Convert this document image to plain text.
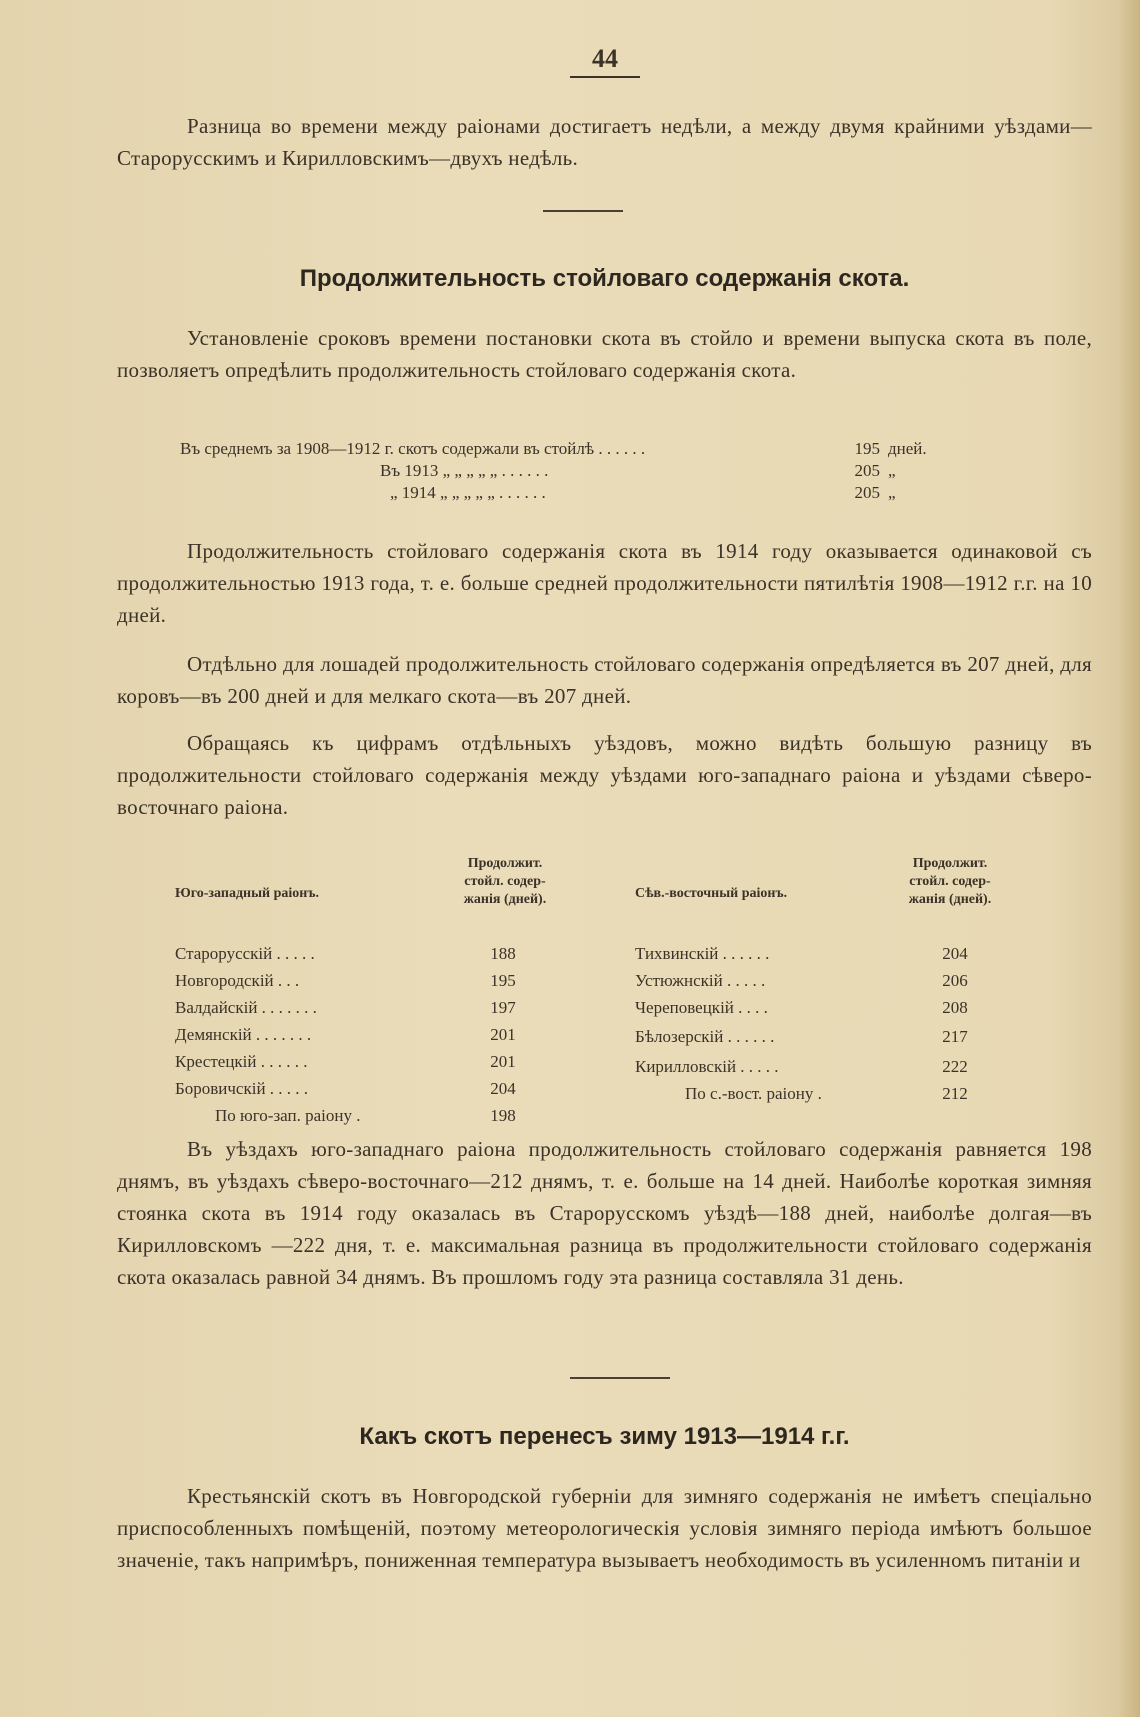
44
Разница во времени между раіонами достигаетъ недѣли, а между двумя крайними уѣздами—Старорусскимъ и Кирилловскимъ—двухъ недѣль.
Продолжительность стойловаго содержанія скота.
Установленіе сроковъ времени постановки скота въ стойло и времени выпуска скота въ поле, позволяетъ опредѣлить продолжительность стойловаго содержанія скота.
Въ среднемъ за 1908—1912 г. скотъ содержали въ стойлѣ . . . . . .	195 дней.
Въ 1913 „ „ „ „ „ . . . . . .	205 „
„ 1914 „ „ „ „ „ . . . . . .	205 „
Продолжительность стойловаго содержанія скота въ 1914 году оказывается одинаковой съ продолжительностью 1913 года, т. е. больше средней продолжительности пятилѣтія 1908—1912 г.г. на 10 дней.
Отдѣльно для лошадей продолжительность стойловаго содержанія опредѣляется въ 207 дней, для коровъ—въ 200 дней и для мелкаго скота—въ 207 дней.
Обращаясь къ цифрамъ отдѣльныхъ уѣздовъ, можно видѣть большую разницу въ продолжительности стойловаго содержанія между уѣздами юго-западнаго раіона и уѣздами сѣверо-восточнаго раіона.
Юго-западный раіонъ.
Продолжит.
стойл. содер-
жанія (дней).
Старорусскій . . . . .	188
Новгородскій . . .	195
Валдайскій . . . . . . .	197
Демянскій . . . . . . .	201
Крестецкій . . . . . .	201
Боровичскій . . . . .	204
По юго-зап. раіону .	198
Сѣв.-восточный раіонъ.
Продолжит.
стойл. содер-
жанія (дней).
Тихвинскій . . . . . .	204
Устюжнскій . . . . .	206
Череповецкій . . . .	208
Бѣлозерскій . . . . . .	217
Кирилловскій . . . . .	222
По с.-вост. раіону .	212
Въ уѣздахъ юго-западнаго раіона продолжительность стойловаго содержанія равняется 198 днямъ, въ уѣздахъ сѣверо-восточнаго—212 днямъ, т. е. больше на 14 дней. Наиболѣе короткая зимняя стоянка скота въ 1914 году оказалась въ Старорусскомъ уѣздѣ—188 дней, наиболѣе долгая—въ Кирилловскомъ —222 дня, т. е. максимальная разница въ продолжительности стойловаго содержанія скота оказалась равной 34 днямъ. Въ прошломъ году эта разница составляла 31 день.
Какъ скотъ перенесъ зиму 1913—1914 г.г.
Крестьянскій скотъ въ Новгородской губерніи для зимняго содержанія не имѣетъ спеціально приспособленныхъ помѣщеній, поэтому метеорологическія условія зимняго періода имѣютъ большое значеніе, такъ напримѣръ, пониженная температура вызываетъ необходимость въ усиленномъ питаніи и
